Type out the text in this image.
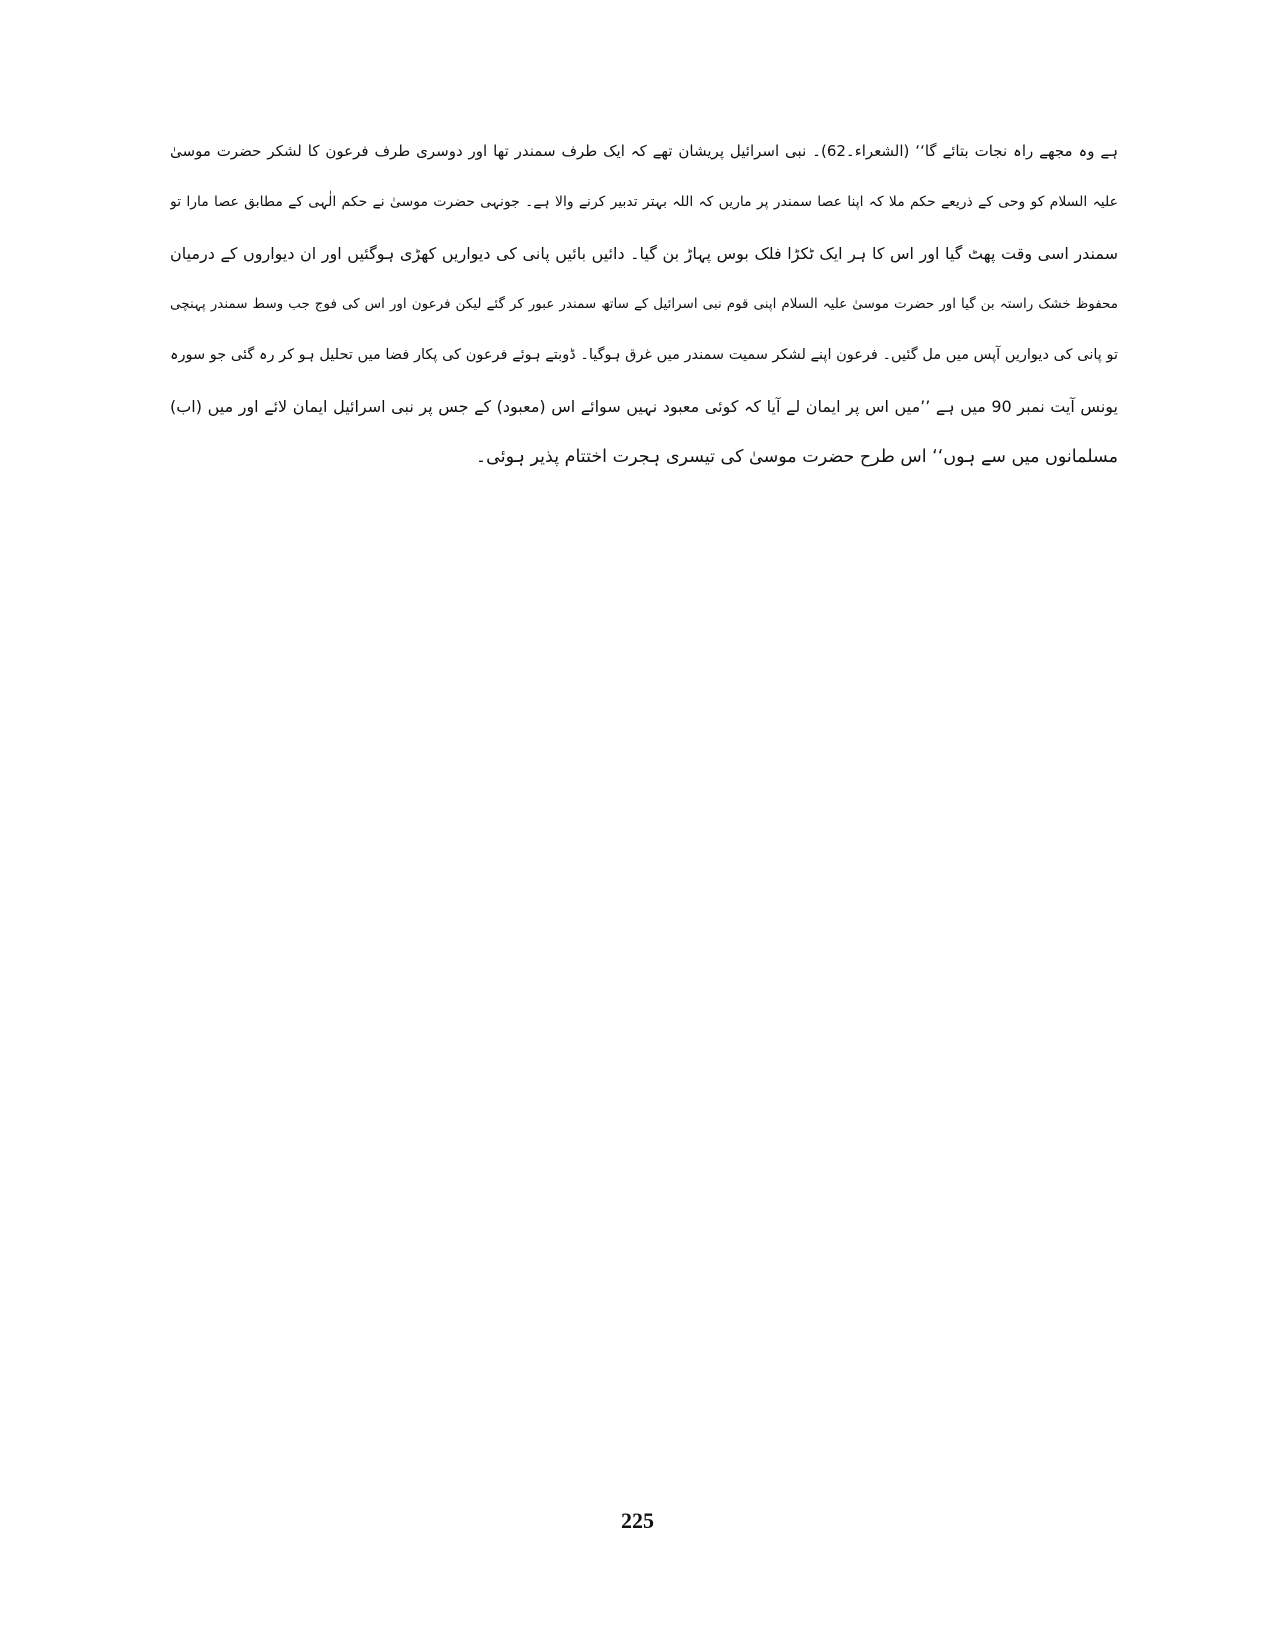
ہے وہ مجھے راہ نجات بتائے گا‘‘ (الشعراء۔62)۔ نبی اسرائیل پریشان تھے کہ ایک طرف سمندر تھا اور دوسری طرف فرعون کا لشکر حضرت موسیٰ
علیہ السلام کو وحی کے ذریعے حکم ملا کہ اپنا عصا سمندر پر ماریں کہ اللہ بہتر تدبیر کرنے والا ہے۔ جونہی حضرت موسیٰ نے حکم الٰہی کے مطابق عصا مارا تو
سمندر اسی وقت پھٹ گیا اور اس کا ہر ایک ٹکڑا فلک بوس پہاڑ بن گیا۔ دائیں بائیں پانی کی دیواریں کھڑی ہوگئیں اور ان دیواروں کے درمیان
محفوظ خشک راستہ بن گیا اور حضرت موسیٰ علیہ السلام اپنی قوم نبی اسرائیل کے ساتھ سمندر عبور کر گئے لیکن فرعون اور اس کی فوج جب وسط سمندر پہنچی
تو پانی کی دیواریں آپس میں مل گئیں۔ فرعون اپنے لشکر سمیت سمندر میں غرق ہوگیا۔ ڈوبتے ہوئے فرعون کی پکار فضا میں تحلیل ہو کر رہ گئی جو سورہ
یونس آیت نمبر 90 میں ہے ’’میں اس پر ایمان لے آیا کہ کوئی معبود نہیں سوائے اس (معبود) کے جس پر نبی اسرائیل ایمان لائے اور میں (اب)
مسلمانوں میں سے ہوں‘‘ اس طرح حضرت موسیٰ کی تیسری ہجرت اختتام پذیر ہوئی۔
225
